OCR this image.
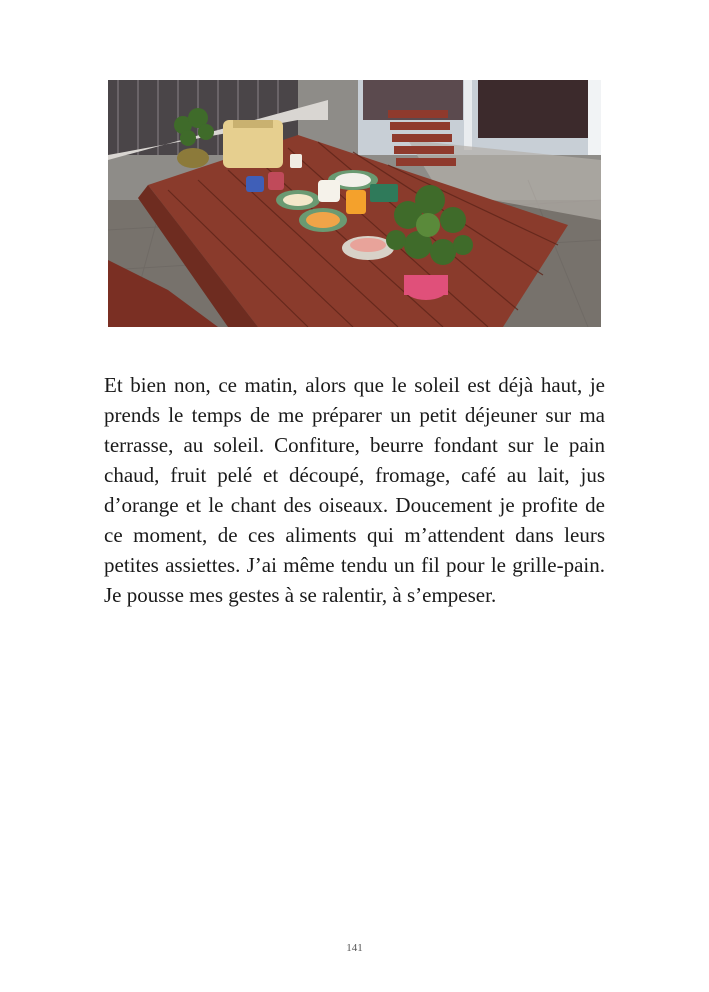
Et bien non, ce matin, alors que le soleil est déjà haut, je prends le temps de me préparer un petit déjeuner sur ma terrasse, au soleil. Confiture, beurre fondant sur le pain chaud, fruit pelé et découpé, fromage, café au lait, jus d’orange et le chant des oiseaux. Doucement je profite de ce moment, de ces aliments qui m’attendent dans leurs petites assiettes. J’ai même tendu un fil pour le grille-pain. Je pousse mes gestes à se ralentir, à s’empeser.

141
